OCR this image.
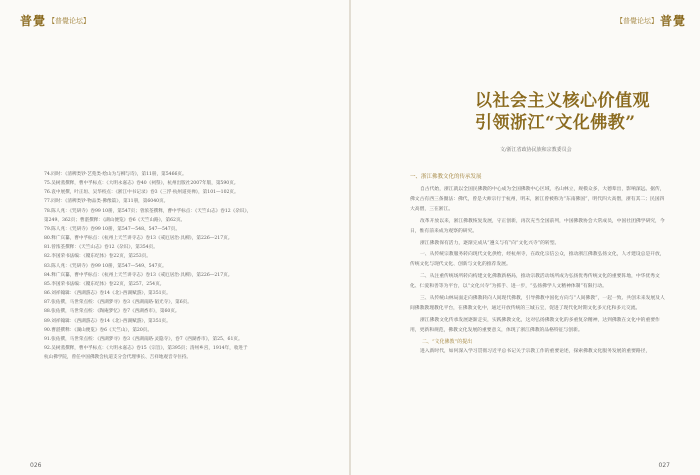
普覺 【普覺论坛】

74.同时：《清稗类钞·艺苑类·绘山为与柳与诗》，第11册，第5466页。

75.吴树蒸撰释，曹中孚标点：《大明永嘉志》卷40《祠祭》，杭州出版社2007年版，第590页。

76.袁中展撰，叶正垣、吴华校点：《浙江中书记录》卷3《三浮·杭州道亮禅》，第101—102页。

77.同时：《清稗类钞·物品类·佛像篇》，第11册，第6040页。

78.陈人兆：《咒研寺》卷99 10册，第547页；曾浓荃撰释，曹中孚标点：《天竺山志》卷12《杂识》，

第249、362页；曹湛撰释：《湖山便览》卷6《天竺山路》，第62页。

79.陈人兆：《咒研寺》卷99 10册，第547—548、547—547页。

80.释广宾纂，曹中孚标点：《杭州上天竺讲寺志》卷13《戒厄居治·具柳》，第226—217页。

81.曾浓荃撰释：《天竺山志》卷12《杂识》，第354页。

82.李国荣书法编：《赣东纪体》卷22页，第253页。

83.陈人兆：《咒研寺》卷99 10册，第547—549、547页。

84.释广宾纂，曹中孚标点：《杭州上天竺讲寺志》卷13《戒厄居治·具柳》，第226—217页。

85.李国荣书法编：《赣东纪体》卷22页，第257、254页。

86.刘祥翰辑：《西湖游志》卷14《北》·西湖赋游》，第351页。

87.张佑撰，马世荣点校：《西湖梦寻》卷3《西湖南路·韬光寺》，第6页。

88.张佑撰，马世荣点校：《陶庵梦忆》卷7《西湖香市》，第60页。

89.刘祥翰辑：《西湖游志》卷14《北》·西湖赋游》，第351页。

90.曹湛撰释：《湖山便览》卷6《天竺山》，第20页。

91.张佑撰，马世荣点校：《西湖梦寻》卷3《西湖南路·灵隐寺》，卷7《西湖香市》，第25、61页。

92.吴树蒸撰释，曹中孚标点：《大明永嘉志》卷15《宗旨》，第395页；清州乡宫，1914年，收进于

杭山佛学院，曾任中国佛教会杭道支分会代理事长、吉祥地观音寺住持。

026
【普覺论坛】 普覺
027
以社会主义核心价值观
引领浙江“文化佛教”
文/浙江省政协民族和宗教委员会
一、浙江佛教文化的传承发展

自古代始，浙江就以全国民佛教的中心成为全国佛教中心区域，名山林立，规模众多，大德辈出，影响深远。据传，佛文古有西三条圈法：佛代，曾是大师宗行于杭州，明末，浙江曾被称为“东南佛国”，明代四大高僧，浙有其二；民国四大高僧，三在浙江。

改革开放以来，浙江佛教恢复发展，守正创新，再次充当全国前列，中国佛教协会大常成员，中国社团佛学研究，今日，惟有前来成为观察的研究。

浙江佛教保有活力，逐渐完成从“遵义与有”向“文化兴寺”的转型。

一、从传统宗教服务转向现代文化供给，经杭州寺，在政化宗信公众，推动浙江佛教弘扬文化，人才建设总是开放，传统文化与现代文化、创新与文化的推荐发展。

二、从注重传统场所转向构建文化佛教新格局，推动宗教活动场所成为弘扬优秀传统文化的重要阵地，中华优秀文化、仁爱和善等为平台，以“文化兴寺”为抓手、进一步，“弘扬佛学人文精神体制”有限行动。

三、从传统山林局面走向佛教转向人间现代佛教，引导佛教中国化方向与“人间佛教”，一起一致、共创未来发展及人间佛教教理教化平台，在佛教文化中，通过开放传统的三城五宝，促进了现代化时期文化多元化和多元交流。

浙江佛教文化传承发展逐渐走实，实践佛教文化，这对弘扬佛教文化的多重复杂精神，达到佛教在文化中的重要作用，更新和规范，佛教文化发展的重要意义，体现了浙江佛教的品格特征与创新。

二、“文化佛教”的提出

进入新时代，如何深入学习贯彻习近平总书记关于宗教工作的重要论述，探索佛教文化服务发展的重要路径，
